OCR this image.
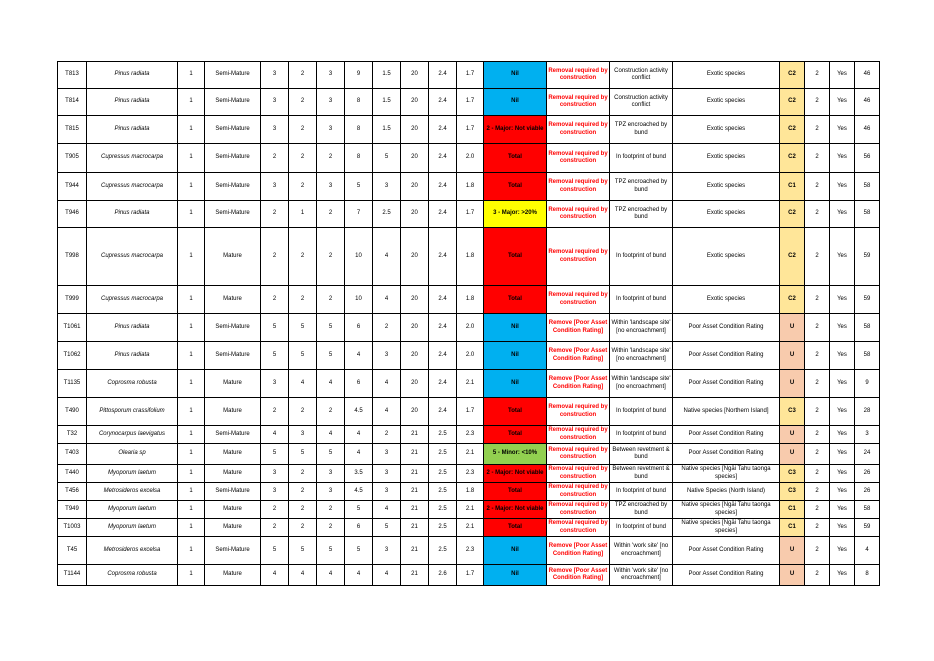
T813	Pinus radiata	1	Semi-Mature	3	2	3	9	1.5	20	2.4	1.7	Nil	Removal required by construction	Construction activity conflict	Exotic species	C2	2	Yes	46
T814	Pinus radiata	1	Semi-Mature	3	2	3	8	1.5	20	2.4	1.7	Nil	Removal required by construction	Construction activity conflict	Exotic species	C2	2	Yes	46
T815	Pinus radiata	1	Semi-Mature	3	2	3	8	1.5	20	2.4	1.7	2 - Major: Not viable	Removal required by construction	TPZ encroached by bund	Exotic species	C2	2	Yes	46
T905	Cupressus macrocarpa	1	Semi-Mature	2	2	2	8	5	20	2.4	2.0	Total	Removal required by construction	In footprint of bund	Exotic species	C2	2	Yes	56
T944	Cupressus macrocarpa	1	Semi-Mature	3	2	3	5	3	20	2.4	1.8	Total	Removal required by construction	TPZ encroached by bund	Exotic species	C1	2	Yes	58
T946	Pinus radiata	1	Semi-Mature	2	1	2	7	2.5	20	2.4	1.7	3 - Major: >20%	Removal required by construction	TPZ encroached by bund	Exotic species	C2	2	Yes	58
T998	Cupressus macrocarpa	1	Mature	2	2	2	10	4	20	2.4	1.8	Total	Removal required by construction	In footprint of bund	Exotic species	C2	2	Yes	59
T999	Cupressus macrocarpa	1	Mature	2	2	2	10	4	20	2.4	1.8	Total	Removal required by construction	In footprint of bund	Exotic species	C2	2	Yes	59
T1061	Pinus radiata	1	Semi-Mature	5	5	5	6	2	20	2.4	2.0	Nil	Remove [Poor Asset Condition Rating]	Within 'landscape site' [no encroachment]	Poor Asset Condition Rating	U	2	Yes	58
T1062	Pinus radiata	1	Semi-Mature	5	5	5	4	3	20	2.4	2.0	Nil	Remove [Poor Asset Condition Rating]	Within 'landscape site' [no encroachment]	Poor Asset Condition Rating	U	2	Yes	58
T1135	Coprosma robusta	1	Mature	3	4	4	6	4	20	2.4	2.1	Nil	Remove [Poor Asset Condition Rating]	Within 'landscape site' [no encroachment]	Poor Asset Condition Rating	U	2	Yes	9
T490	Pittosporum crassifolium	1	Mature	2	2	2	4.5	4	20	2.4	1.7	Total	Removal required by construction	In footprint of bund	Native species [Northern Island]	C3	2	Yes	28
T32	Corynocarpus laevigatus	1	Semi-Mature	4	3	4	4	2	21	2.5	2.3	Total	Removal required by construction	In footprint of bund	Poor Asset Condition Rating	U	2	Yes	3
T403	Olearia sp	1	Mature	5	5	5	4	3	21	2.5	2.1	5 - Minor: <10%	Removal required by construction	Between revetment & bund	Poor Asset Condition Rating	U	2	Yes	24
T440	Myoporum laetum	1	Mature	3	2	3	3.5	3	21	2.5	2.3	2 - Major: Not viable	Removal required by construction	Between revetment & bund	Native species [Ngāi Tahu taonga species]	C3	2	Yes	26
T456	Metrosideros excelsa	1	Semi-Mature	3	2	3	4.5	3	21	2.5	1.8	Total	Removal required by construction	In footprint of bund	Native Species (North Island)	C3	2	Yes	26
T949	Myoporum laetum	1	Mature	2	2	2	5	4	21	2.5	2.1	2 - Major: Not viable	Removal required by construction	TPZ encroached by bund	Native species [Ngāi Tahu taonga species]	C1	2	Yes	58
T1003	Myoporum laetum	1	Mature	2	2	2	6	5	21	2.5	2.1	Total	Removal required by construction	In footprint of bund	Native species [Ngāi Tahu taonga species]	C1	2	Yes	59
T45	Metrosideros excelsa	1	Semi-Mature	5	5	5	5	3	21	2.5	2.3	Nil	Remove [Poor Asset Condition Rating]	Within 'work site' [no encroachment]	Poor Asset Condition Rating	U	2	Yes	4
T1144	Coprosma robusta	1	Mature	4	4	4	4	4	21	2.6	1.7	Nil	Remove [Poor Asset Condition Rating]	Within 'work site' [no encroachment]	Poor Asset Condition Rating	U	2	Yes	8
